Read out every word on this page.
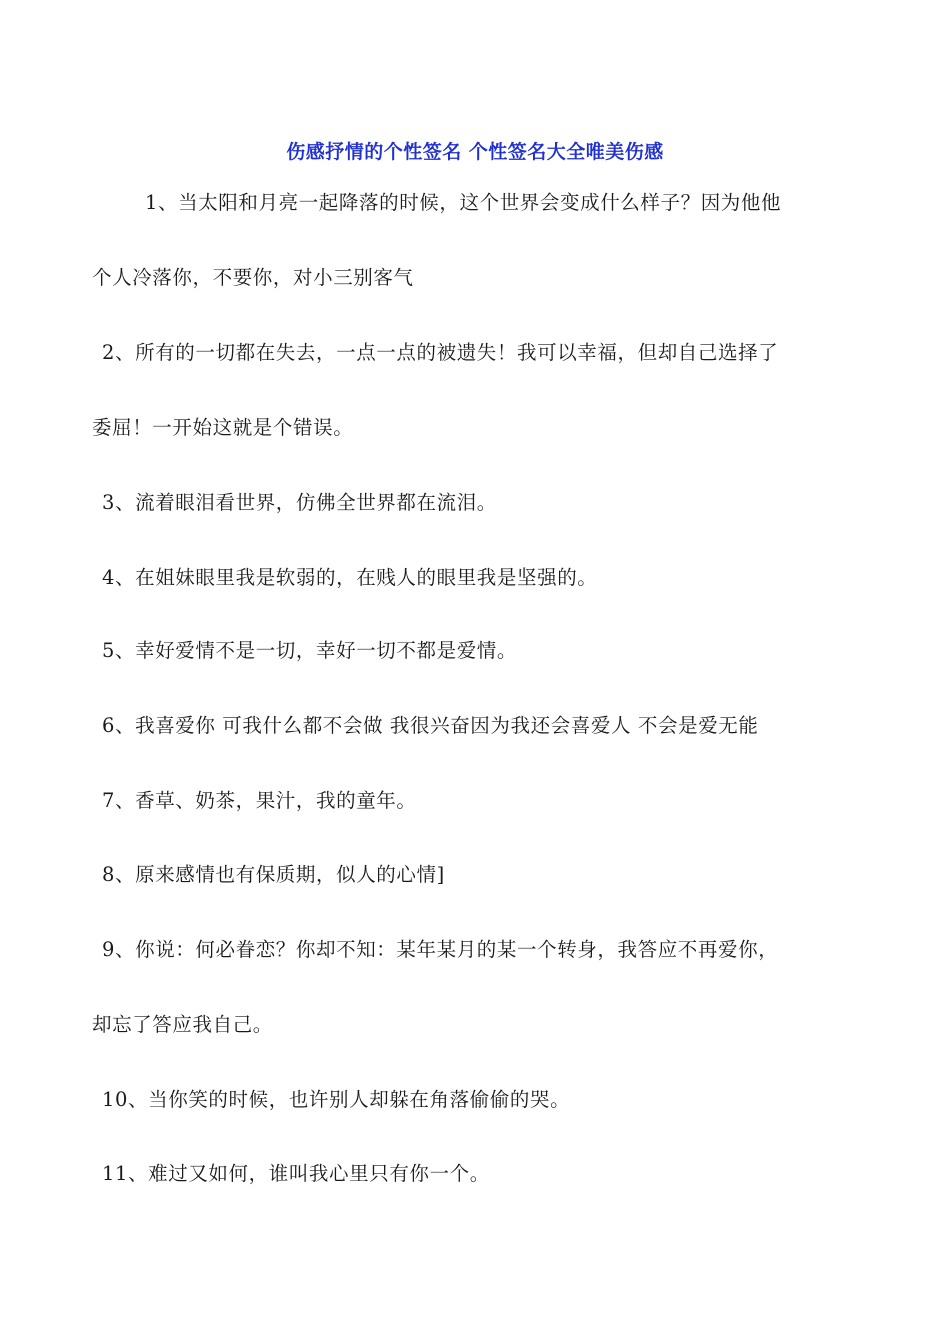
伤感抒情的个性签名 个性签名大全唯美伤感
1、当太阳和月亮一起降落的时候，这个世界会变成什么样子？因为他他
个人冷落你，不要你，对小三别客气
2、所有的一切都在失去，一点一点的被遗失！我可以幸福，但却自己选择了
委屈！一开始这就是个错误。
3、流着眼泪看世界，仿佛全世界都在流泪。
4、在姐妹眼里我是软弱的，在贱人的眼里我是坚强的。
5、幸好爱情不是一切，幸好一切不都是爱情。
6、我喜爱你 可我什么都不会做 我很兴奋因为我还会喜爱人 不会是爱无能
7、香草、奶茶，果汁，我的童年。
8、原来感情也有保质期，似人的心情]
9、你说：何必眷恋？你却不知：某年某月的某一个转身，我答应不再爱你，
却忘了答应我自己。
10、当你笑的时候，也许别人却躲在角落偷偷的哭。
11、难过又如何，谁叫我心里只有你一个。
